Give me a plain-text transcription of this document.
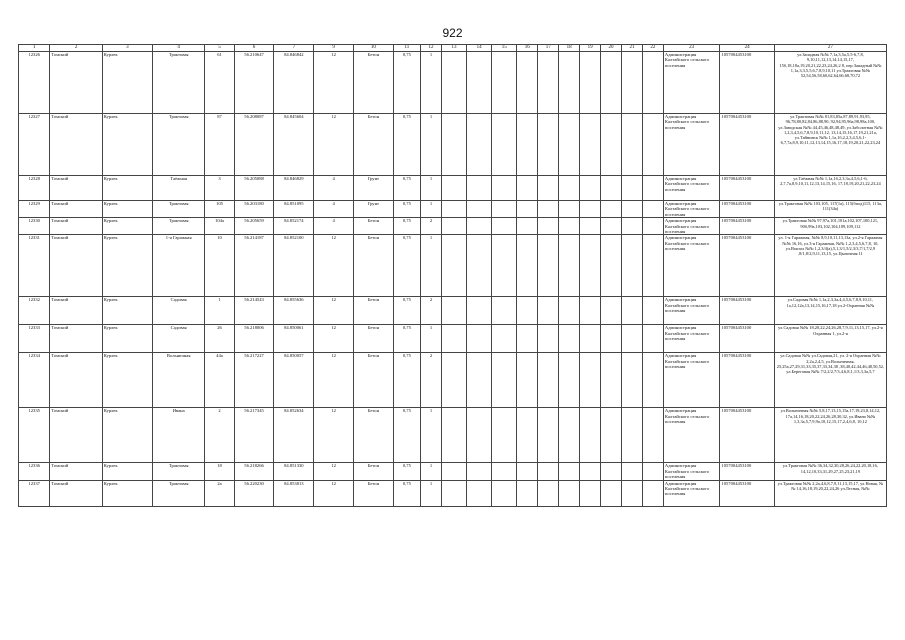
922
1	2	3	4	5	6	7	9	10	11	12	13	14	15	16	17	18	19	20	21	22	23	24	27
12326	Томский	Курлек	Трактовая	61	56.210647	84.846842	12	Бетон	0,75	1											Администрация Калтайского сельского поселения	1057004453100	ул.Западная №№ 7,1а,3,5а,5,5-6,7,8, 9,10,11,12,13,14,14,15,17, 15б,18,18а,19,20,21,22,23,24,26,2 8, пер.Западный №№ 1,1а,3,3,5,5,6,7,8,9,10,11 ул.Трактовая №№ 52,54,56,58,60,62,64,66,68,70,72
12327	Томский	Курлек	Трактовая	87	56.208087	84.845604	12	Бетон	0,75	1											Администрация Калтайского сельского поселения	1057004453100	ул.Трактовая №№ 81,83,85а,87,89,91,93,95, 96,78,80,82,84,86,88,90, 92,94,95,96а,98,98а,100, ул.Заводская №№ 44,45,46,48,48,49, ул.Заболотная №№ 1,2,3,4,5,6,7,8,9,10,11,12, 13,14,15,16,17,19,21,21а, ул.Тайнинск №№ 1,1а,1б,2,2,3,4,5,6,1-6,7,7а,8,9,10,11,12,13,14,15,16,17,18,19,20,21,22,23,24
12328	Томский	Курлек	Таёжная	3	56.205088	84.846829	4	Грунт	0,75	1											Администрация Калтайского сельского поселения	1057004453100	ул.Таёжная №№ 1,1а,1б,2,3,3а,4,5,6,1-6, 2,7,7а,8,9,10,11,12,13,14,15,16, 17,18,19,20,21,22,23,24
12329	Томский	Курлек	Трактовая	105	56.203180	84.851095	4	Грунт	0,75	1											Администрация Калтайского сельского поселения	1057004453100	ул.Трактовая №№ 103,105, 117(1а), 115(бпод)115, 113а, 111(34а)
12330	Томский	Курлек	Трактовая	104а	56.205659	84.852174	4	Бетон	0,75	2											Администрация Калтайского сельского поселения	1057004453100	ул.Трактовая №№ 97,97а,101,101а,102,107,100,121, 90б,99а,103,102,104,109,109,112
12331	Томский	Курлек	1-я Гаражная	10	56.214187	84.852100	12	Бетон	0,75	1											Администрация Калтайского сельского поселения	1057004453100	ул. 1-я Гаражная, №№ 8,9,10,11,13,13а, ул.2-я Гаражная №№ 16,16, ул.3-я Гаражная, №№ 1,2,3,4,5,6,7,8, 10, ул.Вокзал №№ 1,2,3/4(а),5,1,3/1,5/2,3/3,7/1,7/2,9 ,8/1,8/2,9,11,13,15, ул.Цыпочная 11
12332	Томский	Курлек	Садовая	1	56.214543	84.855636	12	Бетон	0,75	2											Администрация Калтайского сельского поселения	1057004453100	ул.Садовая №№ 1,1а,2,3,3а,4,4,5,6,7,8,9,10,11, 1а,12,12а,13,14,15,16,17,18 ул.2-Охранная №№
12333	Томский	Курлек	Садовая	26	56.218006	84.850061	12	Бетон	0,75	1											Администрация Калтайского сельского поселения	1057004453100	ул.Садовая №№ 18,20,22,24,26,28,7,9,11,13,15,17, ул.2-я Охранная 1, ул.2-я
12334	Томский	Курлек	Вольничная	44а	56.217227	84.850057	12	Бетон	0,75	2											Администрация Калтайского сельского поселения	1057004453100	ул.Садовая №№ ул.Садовая,21, ул. 2-я Охранная №№ 2,2а,2,4,5, ул.Вольничная, 25,25а,27,29,31,33,35,37,33,34,38 ,38,40,42,44,46,48,50,52, ул.Береговая №№ 7/2,2/2,7/3,4,6,8,1,1/3,3,3а,5,7
12335	Томский	Курлек	Ивана	2	56.217345	84.852634	12	Бетон	0,75	1											Администрация Калтайского сельского поселения	1057004453100	ул.Вольничная №№ 5,8,17,13,15,15а,17,19,23,8,14,12, 17а,14,16,18,20,22,24,26,28,30,32, ул.Ивана №№ 1,3,3а,5,7,9,9а,10,12,15,17,2,4,6,8, 10,12
12336	Томский	Курлек	Трактовая	18	56.218266	84.851330	12	Бетон	0,75	1											Администрация Калтайского сельского поселения	1057004453100	ул.Трактовая №№ 36,34,32,30,28,26,24,22,20,18,16, 14,12,10,33,31,29,27,25,23,21,19
12337	Томский	Курлек	Трактовая	2а	56.220230	84.853813	12	Бетон	0,75	1											Администрация Калтайского сельского поселения	1057004453100	ул.Трактовая №№ 2,2а,4,6,8,7,9,11,13,15,17, ул.Новая, №№ 14,16,18,19,20,22,24,26 ул.Лесная, №№
